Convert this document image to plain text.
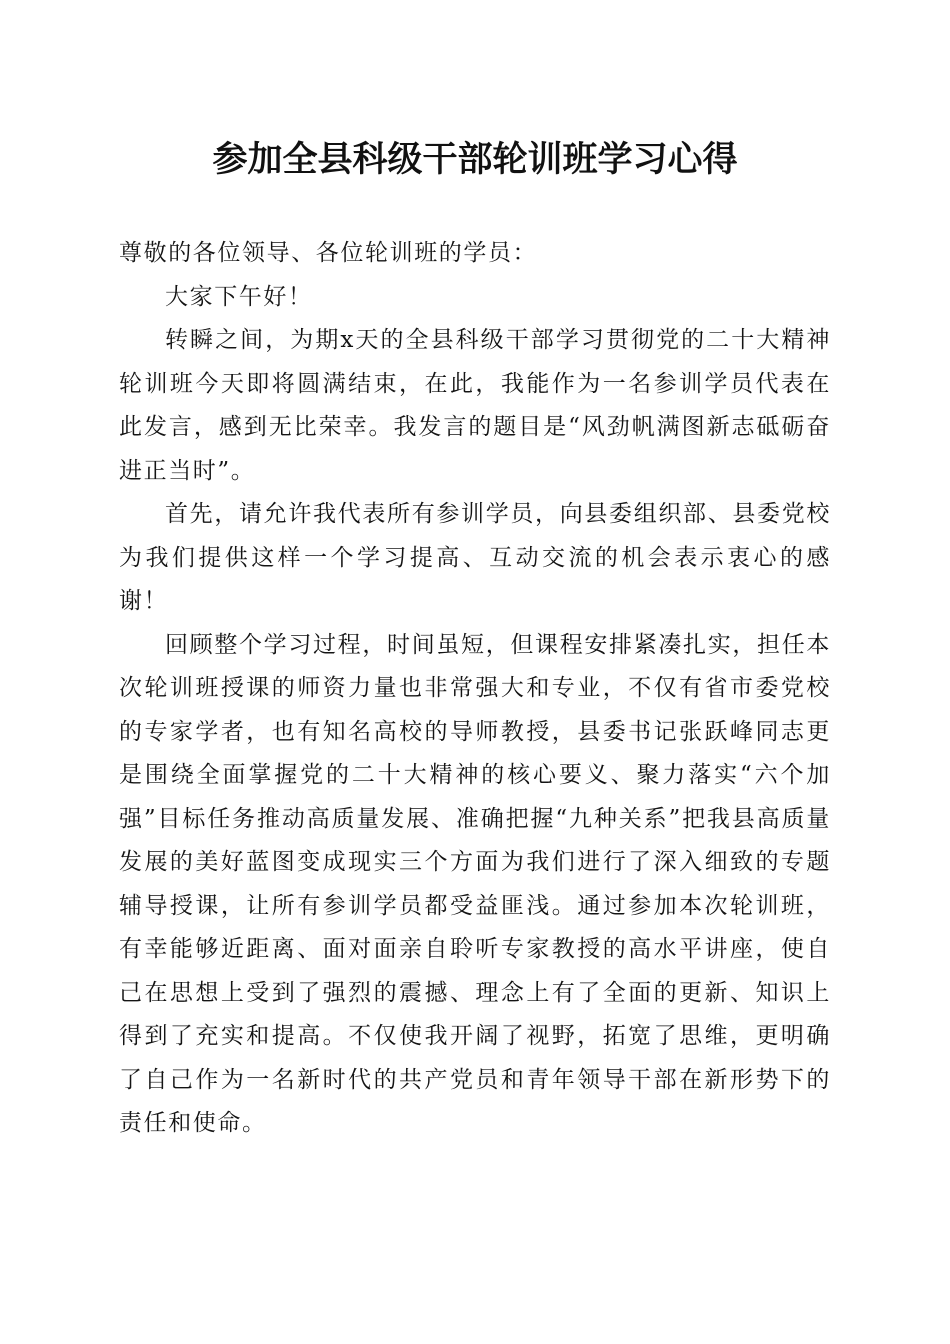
参加全县科级干部轮训班学习心得

尊敬的各位领导、各位轮训班的学员：

大家下午好！

转瞬之间，为期x天的全县科级干部学习贯彻党的二十大精神轮训班今天即将圆满结束，在此，我能作为一名参训学员代表在此发言，感到无比荣幸。我发言的题目是“风劲帆满图新志砥砺奋进正当时”。

首先，请允许我代表所有参训学员，向县委组织部、县委党校为我们提供这样一个学习提高、互动交流的机会表示衷心的感谢！

回顾整个学习过程，时间虽短，但课程安排紧凑扎实，担任本次轮训班授课的师资力量也非常强大和专业，不仅有省市委党校的专家学者，也有知名高校的导师教授，县委书记张跃峰同志更是围绕全面掌握党的二十大精神的核心要义、聚力落实“六个加强”目标任务推动高质量发展、准确把握“九种关系”把我县高质量发展的美好蓝图变成现实三个方面为我们进行了深入细致的专题辅导授课，让所有参训学员都受益匪浅。通过参加本次轮训班，有幸能够近距离、面对面亲自聆听专家教授的高水平讲座，使自己在思想上受到了强烈的震撼、理念上有了全面的更新、知识上得到了充实和提高。不仅使我开阔了视野，拓宽了思维，更明确了自己作为一名新时代的共产党员和青年领导干部在新形势下的责任和使命。
